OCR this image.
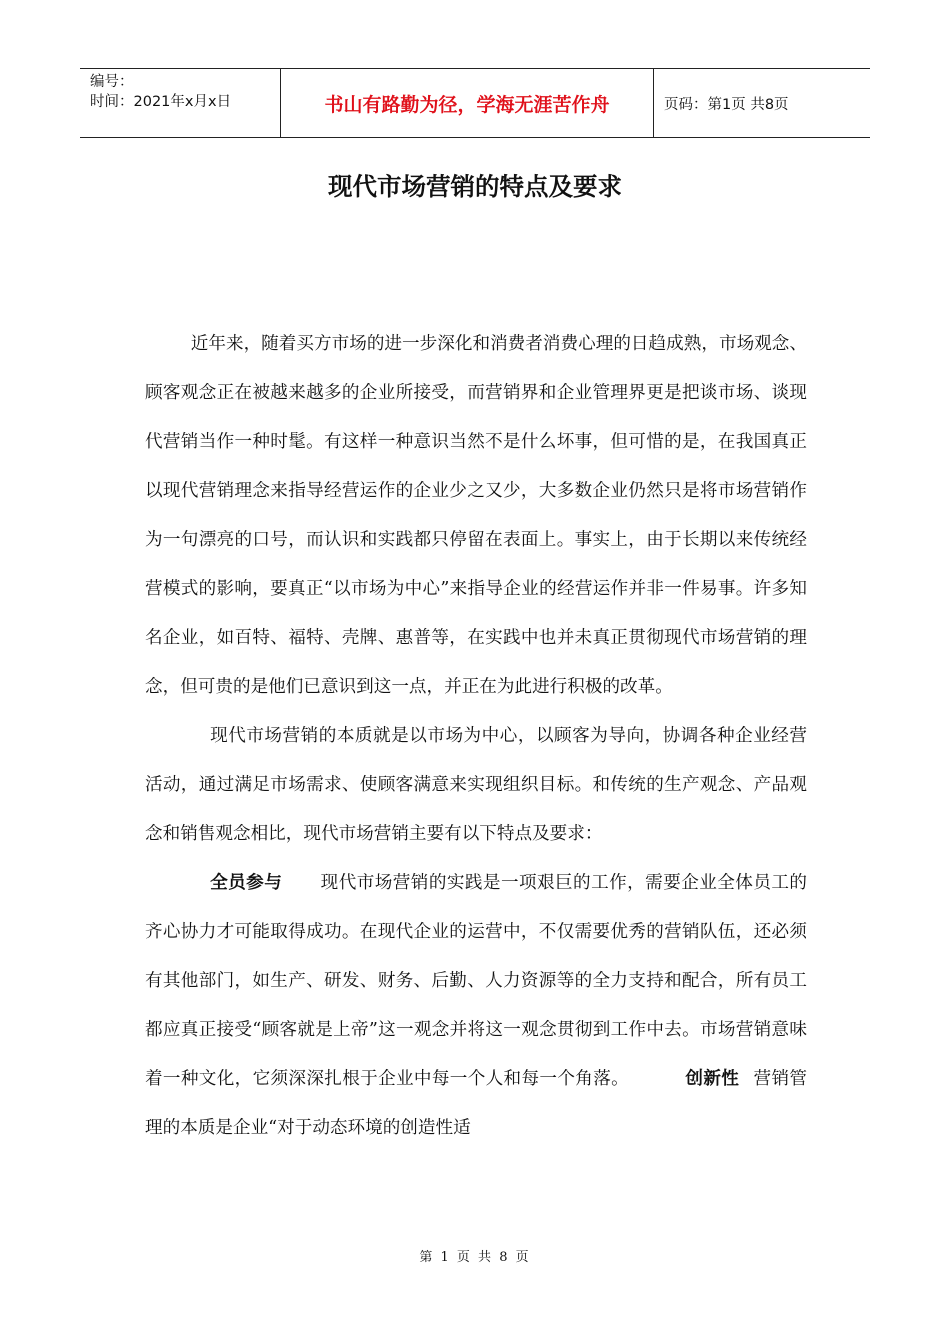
编号：
时间：2021年x月x日	书山有路勤为径，学海无涯苦作舟	页码：第1页 共8页
现代市场营销的特点及要求

近年来，随着买方市场的进一步深化和消费者消费心理的日趋成熟，市场观念、顾客观念正在被越来越多的企业所接受，而营销界和企业管理界更是把谈市场、谈现代营销当作一种时髦。有这样一种意识当然不是什么坏事，但可惜的是，在我国真正以现代营销理念来指导经营运作的企业少之又少，大多数企业仍然只是将市场营销作为一句漂亮的口号，而认识和实践都只停留在表面上。事实上，由于长期以来传统经营模式的影响，要真正“以市场为中心”来指导企业的经营运作并非一件易事。许多知名企业，如百特、福特、壳牌、惠普等，在实践中也并未真正贯彻现代市场营销的理念，但可贵的是他们已意识到这一点，并正在为此进行积极的改革。

现代市场营销的本质就是以市场为中心，以顾客为导向，协调各种企业经营活动，通过满足市场需求、使顾客满意来实现组织目标。和传统的生产观念、产品观念和销售观念相比，现代市场营销主要有以下特点及要求：

全员参与 现代市场营销的实践是一项艰巨的工作，需要企业全体员工的齐心协力才可能取得成功。在现代企业的运营中，不仅需要优秀的营销队伍，还必须有其他部门，如生产、研发、财务、后勤、人力资源等的全力支持和配合，所有员工都应真正接受“顾客就是上帝”这一观念并将这一观念贯彻到工作中去。市场营销意味着一种文化，它须深深扎根于企业中每一个人和每一个角落。	创新性 营销管理的本质是企业“对于动态环境的创造性适

第 1 页 共 8 页
